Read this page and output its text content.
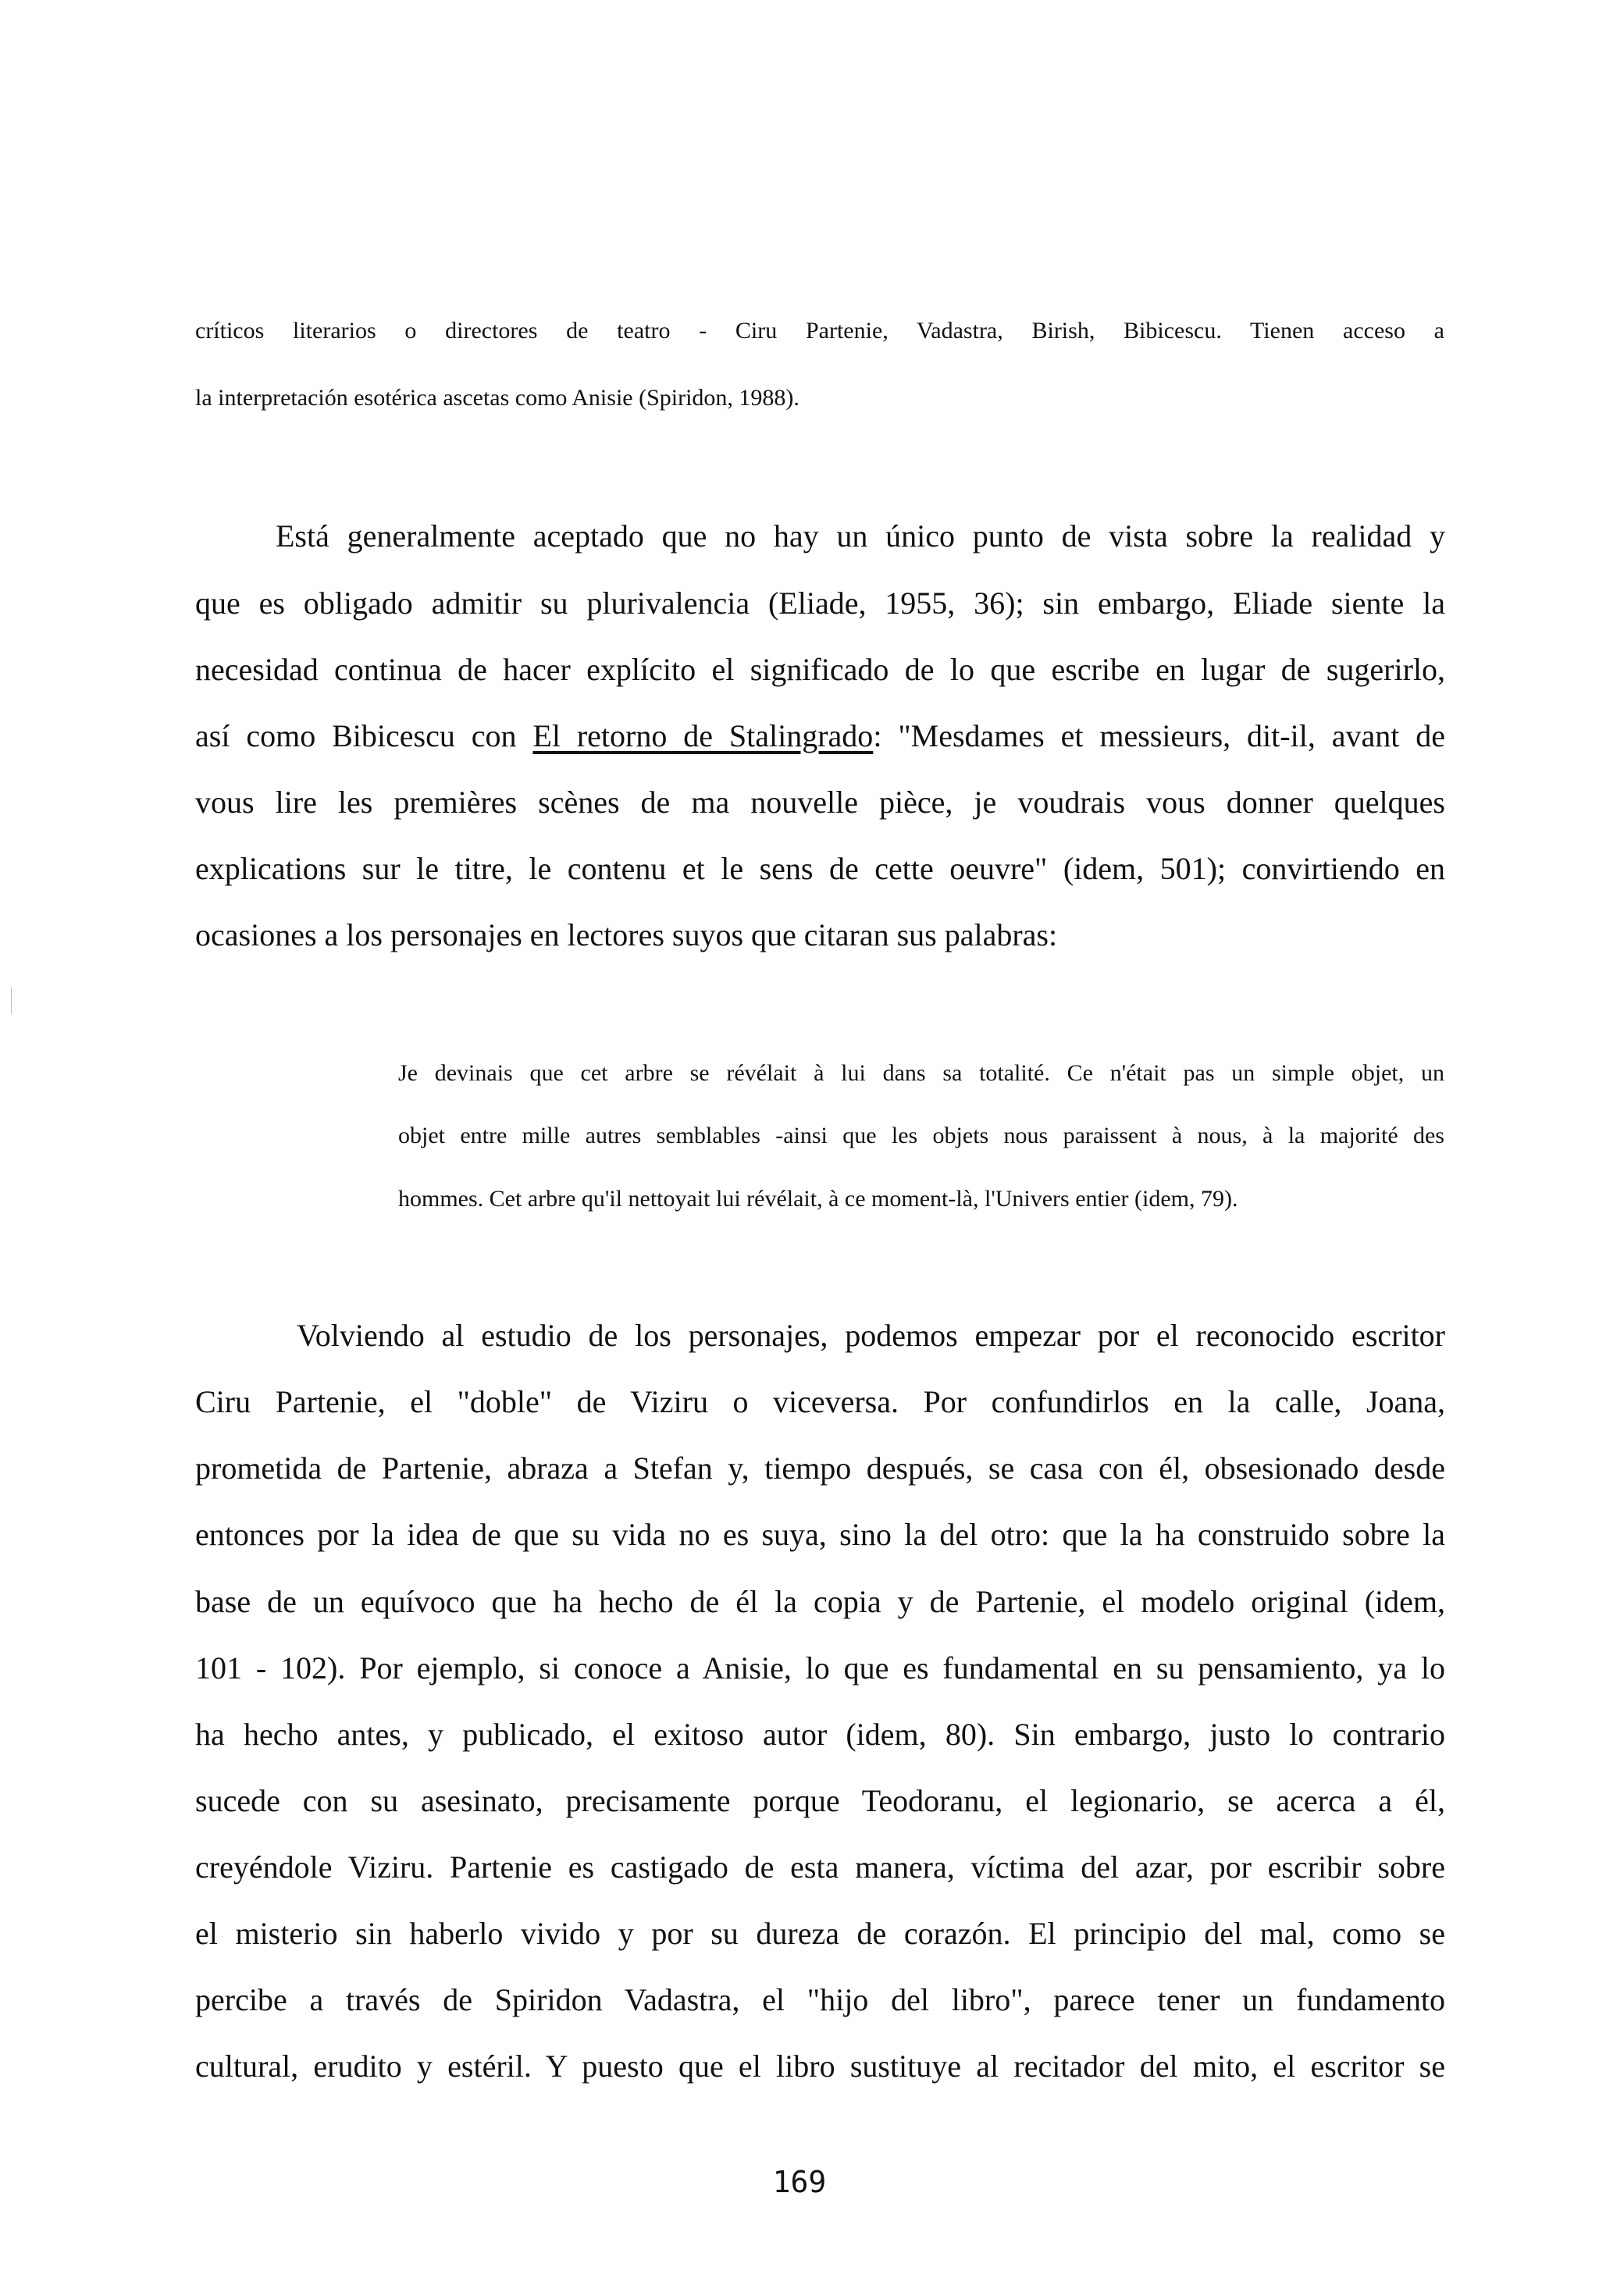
críticos literarios o directores de teatro - Ciru Partenie, Vadastra, Birish, Bibicescu. Tienen acceso a

la interpretación esotérica ascetas como Anisie (Spiridon, 1988).

Está generalmente aceptado que no hay un único punto de vista sobre la realidad y

que es obligado admitir su plurivalencia (Eliade, 1955, 36); sin embargo, Eliade siente la

necesidad continua de hacer explícito el significado de lo que escribe en lugar de sugerirlo,

así como Bibicescu con El retorno de Stalingrado: "Mesdames et messieurs, dit-il, avant de

vous lire les premières scènes de ma nouvelle pièce, je voudrais vous donner quelques

explications sur le titre, le contenu et le sens de cette oeuvre" (idem, 501); convirtiendo en

ocasiones a los personajes en lectores suyos que citaran sus palabras:

Je devinais que cet arbre se révélait à lui dans sa totalité. Ce n'était pas un simple objet, un

objet entre mille autres semblables -ainsi que les objets nous paraissent à nous, à la majorité des

hommes. Cet arbre qu'il nettoyait lui révélait, à ce moment-là, l'Univers entier (idem, 79).

Volviendo al estudio de los personajes, podemos empezar por el reconocido escritor

Ciru Partenie, el "doble" de Viziru o viceversa. Por confundirlos en la calle, Joana,

prometida de Partenie, abraza a Stefan y, tiempo después, se casa con él, obsesionado desde

entonces por la idea de que su vida no es suya, sino la del otro: que la ha construido sobre la

base de un equívoco que ha hecho de él la copia y de Partenie, el modelo original (idem,

101 - 102). Por ejemplo, si conoce a Anisie, lo que es fundamental en su pensamiento, ya lo

ha hecho antes, y publicado, el exitoso autor (idem, 80). Sin embargo, justo lo contrario

sucede con su asesinato, precisamente porque Teodoranu, el legionario, se acerca a él,

creyéndole Viziru. Partenie es castigado de esta manera, víctima del azar, por escribir sobre

el misterio sin haberlo vivido y por su dureza de corazón. El principio del mal, como se

percibe a través de Spiridon Vadastra, el "hijo del libro", parece tener un fundamento

cultural, erudito y estéril. Y puesto que el libro sustituye al recitador del mito, el escritor se

169
